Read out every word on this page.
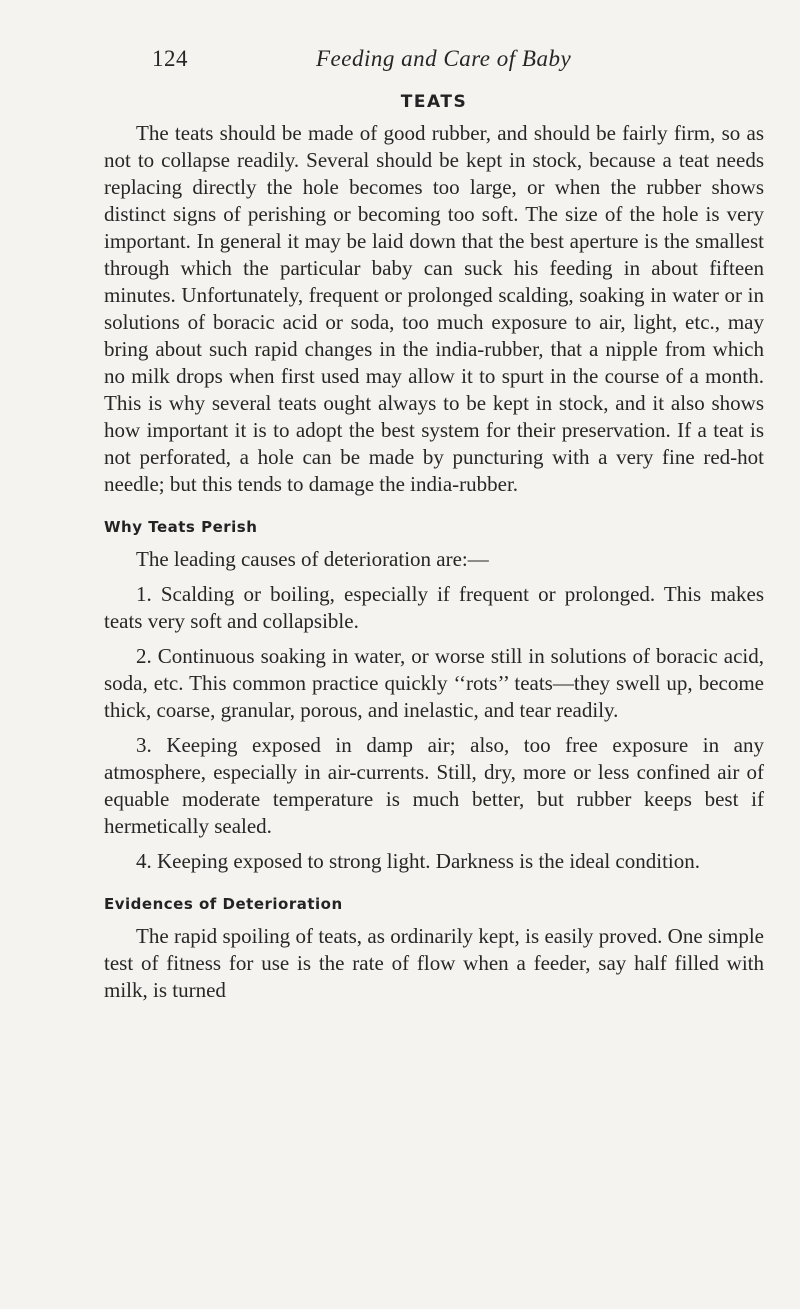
124	Feeding and Care of Baby
TEATS

The teats should be made of good rubber, and should be fairly firm, so as not to collapse readily. Several should be kept in stock, because a teat needs replacing directly the hole becomes too large, or when the rubber shows distinct signs of perishing or becoming too soft. The size of the hole is very important. In general it may be laid down that the best aperture is the smallest through which the particular baby can suck his feeding in about fifteen minutes. Unfortunately, frequent or prolonged scalding, soaking in water or in solutions of boracic acid or soda, too much exposure to air, light, etc., may bring about such rapid changes in the india-rubber, that a nipple from which no milk drops when first used may allow it to spurt in the course of a month. This is why several teats ought always to be kept in stock, and it also shows how important it is to adopt the best system for their preservation. If a teat is not perforated, a hole can be made by puncturing with a very fine red-hot needle; but this tends to damage the india-rubber.

Why Teats Perish

The leading causes of deterioration are:—

1. Scalding or boiling, especially if frequent or prolonged. This makes teats very soft and collapsible.

2. Continuous soaking in water, or worse still in solutions of boracic acid, soda, etc. This common practice quickly ‘‘rots’’ teats—they swell up, become thick, coarse, granular, porous, and inelastic, and tear readily.

3. Keeping exposed in damp air; also, too free exposure in any atmosphere, especially in air-currents. Still, dry, more or less confined air of equable moderate temperature is much better, but rubber keeps best if hermetically sealed.

4. Keeping exposed to strong light. Darkness is the ideal condition.

Evidences of Deterioration

The rapid spoiling of teats, as ordinarily kept, is easily proved. One simple test of fitness for use is the rate of flow when a feeder, say half filled with milk, is turned
